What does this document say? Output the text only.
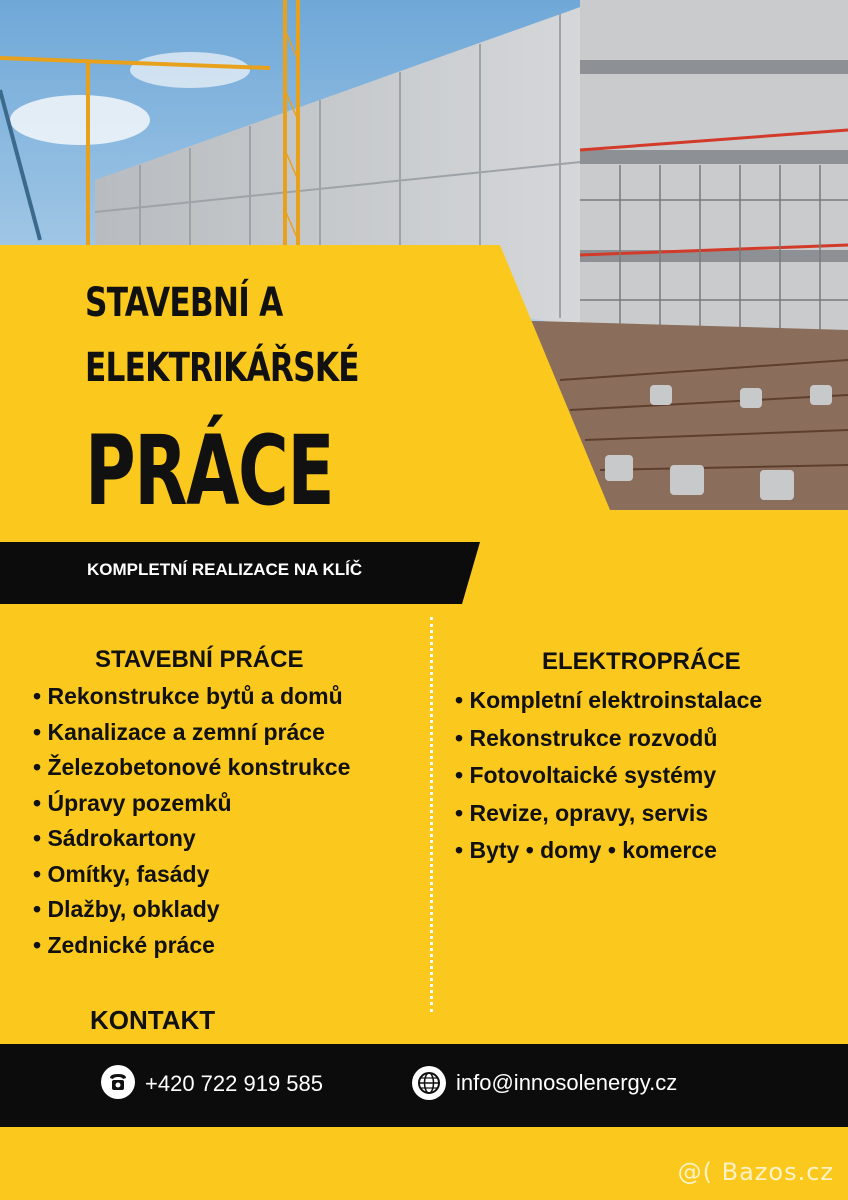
STAVEBNÍ A
ELEKTRIKÁŘSKÉ
PRÁCE
KOMPLETNÍ REALIZACE NA KLÍČ
STAVEBNÍ PRÁCE
• Rekonstrukce bytů a domů
• Kanalizace a zemní práce
• Železobetonové konstrukce
• Úpravy pozemků
• Sádrokartony
• Omítky, fasády
• Dlažby, obklady
• Zednické práce
ELEKTROPRÁCE
• Kompletní elektroinstalace
• Rekonstrukce rozvodů
• Fotovoltaické systémy
• Revize, opravy, servis
• Byty • domy • komerce
KONTAKT
+420 722 919 585	info@innosolenergy.cz
@( Bazos.cz
